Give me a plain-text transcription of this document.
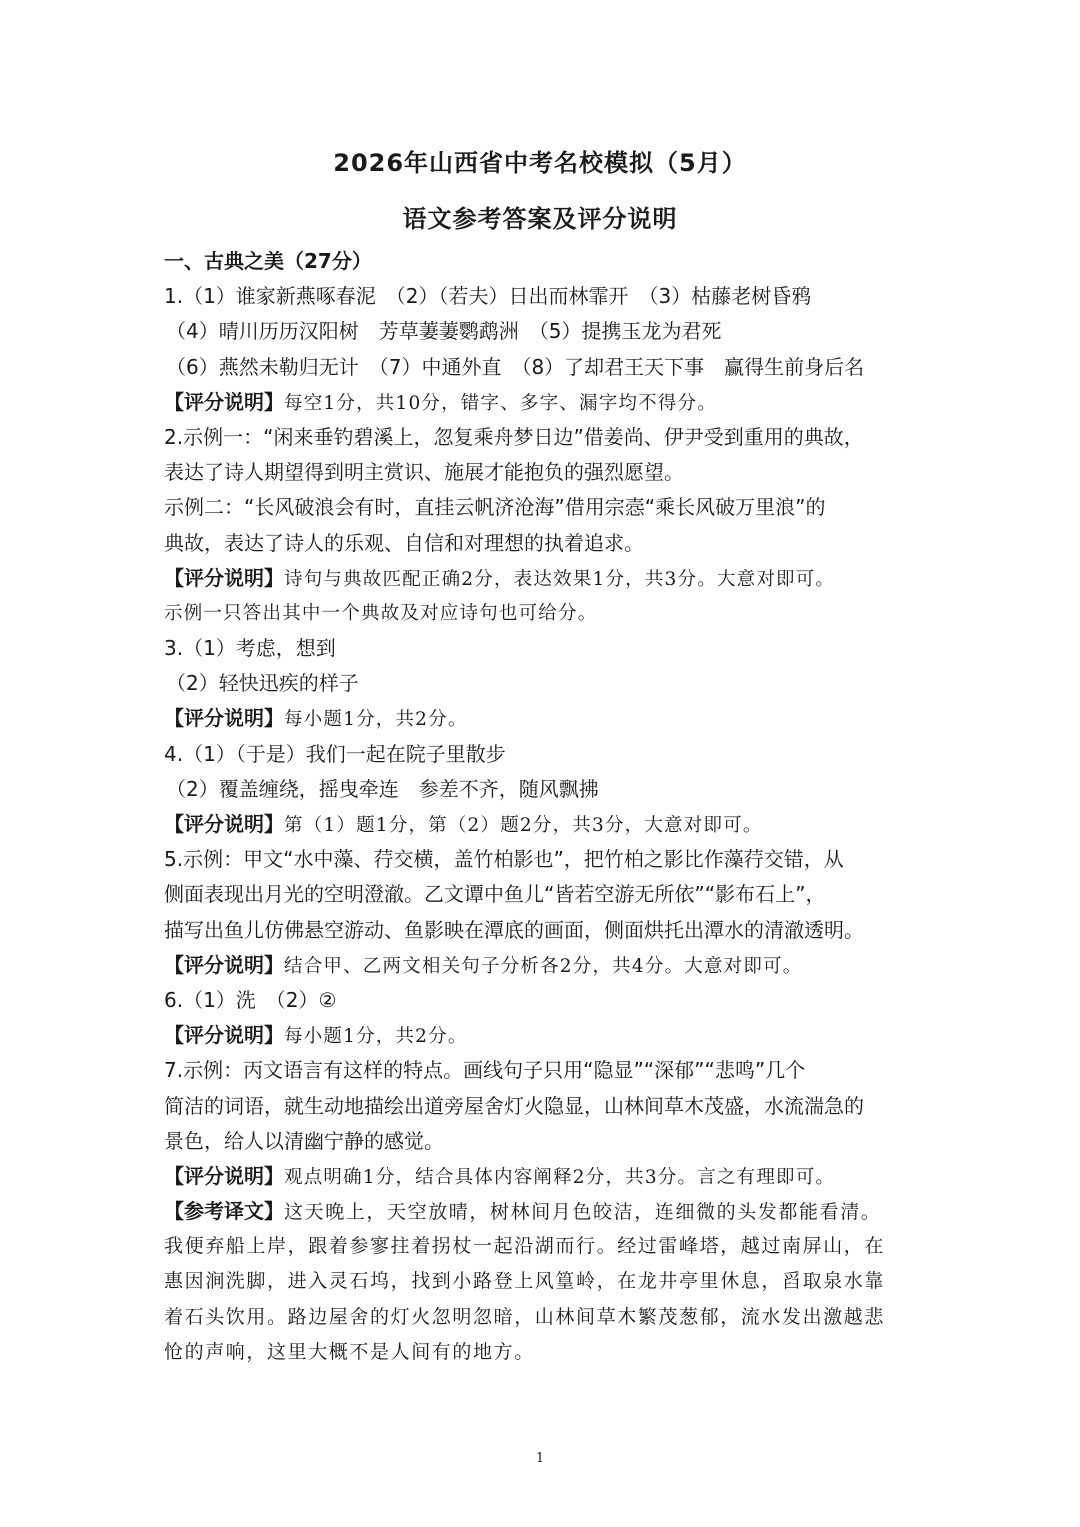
2026年山西省中考名校模拟（5月）
语文参考答案及评分说明
一、古典之美（27分）
1.（1）谁家新燕啄春泥　（2）（若夫）日出而林霏开　（3）枯藤老树昏鸦
（4）晴川历历汉阳树　芳草萋萋鹦鹉洲　（5）提携玉龙为君死
（6）燕然未勒归无计　（7）中通外直　（8）了却君王天下事　赢得生前身后名
【评分说明】每空1分，共10分，错字、多字、漏字均不得分。
2.示例一：“闲来垂钓碧溪上，忽复乘舟梦日边”借姜尚、伊尹受到重用的典故，
表达了诗人期望得到明主赏识、施展才能抱负的强烈愿望。
示例二：“长风破浪会有时，直挂云帆济沧海”借用宗悫“乘长风破万里浪”的
典故，表达了诗人的乐观、自信和对理想的执着追求。
【评分说明】诗句与典故匹配正确2分，表达效果1分，共3分。大意对即可。
示例一只答出其中一个典故及对应诗句也可给分。
3.（1）考虑，想到
（2）轻快迅疾的样子
【评分说明】每小题1分，共2分。
4.（1）（于是）我们一起在院子里散步
（2）覆盖缠绕，摇曳牵连　参差不齐，随风飘拂
【评分说明】第（1）题1分，第（2）题2分，共3分，大意对即可。
5.示例：甲文“水中藻、荇交横，盖竹柏影也”，把竹柏之影比作藻荇交错，从
侧面表现出月光的空明澄澈。乙文谭中鱼儿“皆若空游无所依”“影布石上”，
描写出鱼儿仿佛悬空游动、鱼影映在潭底的画面，侧面烘托出潭水的清澈透明。
【评分说明】结合甲、乙两文相关句子分析各2分，共4分。大意对即可。
6.（1）洗　（2）②
【评分说明】每小题1分，共2分。
7.示例：丙文语言有这样的特点。画线句子只用“隐显”“深郁”“悲鸣”几个
简洁的词语，就生动地描绘出道旁屋舍灯火隐显，山林间草木茂盛，水流湍急的
景色，给人以清幽宁静的感觉。
【评分说明】观点明确1分，结合具体内容阐释2分，共3分。言之有理即可。
【参考译文】这天晚上，天空放晴，树林间月色皎洁，连细微的头发都能看清。
我便弃船上岸，跟着参寥拄着拐杖一起沿湖而行。经过雷峰塔，越过南屏山，在
惠因涧洗脚，进入灵石坞，找到小路登上风篁岭，在龙井亭里休息，舀取泉水靠
着石头饮用。路边屋舍的灯火忽明忽暗，山林间草木繁茂葱郁，流水发出激越悲
怆的声响，这里大概不是人间有的地方。
1
